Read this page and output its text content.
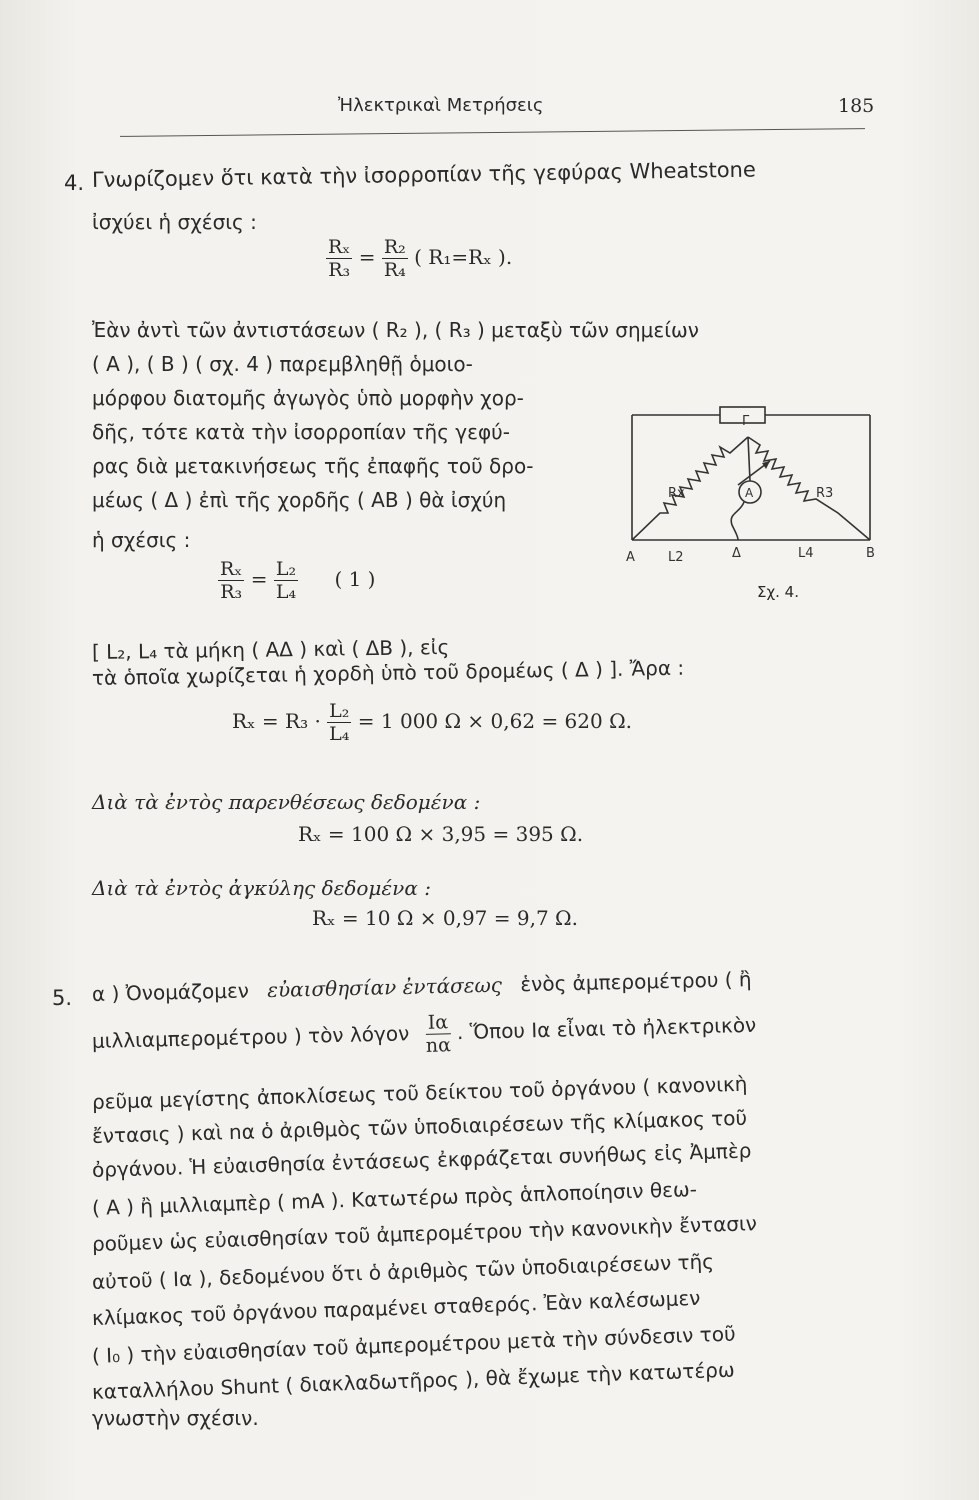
Ἠλεκτρικαὶ Μετρήσεις	185
4. Γνωρίζομεν ὅτι κατὰ τὴν ἰσορροπίαν τῆς γεφύρας Wheatstone
ἰσχύει ἡ σχέσις :
$\frac{\text{Rₓ}}{\text{R₃}} = \frac{\text{R₂}}{\text{R₄}}$ ( R₁=Rₓ ).
Ἐὰν ἀντὶ τῶν ἀντιστάσεων ( R₂ ), ( R₃ ) μεταξὺ τῶν σημείων
( A ), ( B ) ( σχ. 4 ) παρεμβληθῇ ὁμοιο-
μόρφου διατομῆς ἀγωγὸς ὑπὸ μορφὴν χορ-
δῆς, τότε κατὰ τὴν ἰσορροπίαν τῆς γεφύ-
ρας διὰ μετακινήσεως τῆς ἐπαφῆς τοῦ δρο-
μέως ( Δ ) ἐπὶ τῆς χορδῆς ( AB ) θὰ ἰσχύη
ἡ σχέσις :
$\frac{\text{Rₓ}}{\text{R₃}} = \frac{\text{L₂}}{\text{L₄}}$ ( 1 )
[ L₂, L₄ τὰ μήκη ( AΔ ) καὶ ( ΔB ), εἰς
τὰ ὁποῖα χωρίζεται ἡ χορδὴ ὑπὸ τοῦ δρομέως ( Δ ) ]. Ἄρα :
$R_x = R_3 \cdot \frac{\text{L₂}}{\text{L₄}} = 1$ 000 Ω × 0,62 = 620 Ω.
Διὰ τὰ ἐντὸς παρενθέσεως δεδομένα :
Rₓ = 100 Ω × 3,95 = 395 Ω.
Διὰ τὰ ἐντὸς ἀγκύλης δεδομένα :
Rₓ = 10 Ω × 0,97 = 9,7 Ω.
Γ
Rx	R3
A
A	L2	Δ	L4	B
Σχ. 4.
5. α ) Ὀνομάζομεν εὐαισθησίαν ἐντάσεως ἑνὸς ἀμπερομέτρου ( ἢ
μιλλιαμπερομέτρου ) τὸν λόγον $\frac{I\alpha}{n\alpha}$ . Ὅπου Iα εἶναι τὸ ἠλεκτρικὸν
ρεῦμα μεγίστης ἀποκλίσεως τοῦ δείκτου τοῦ ὀργάνου ( κανονικὴ
ἔντασις ) καὶ nα ὁ ἀριθμὸς τῶν ὑποδιαιρέσεων τῆς κλίμακος τοῦ
ὀργάνου. Ἡ εὐαισθησία ἐντάσεως ἐκφράζεται συνήθως εἰς Ἀμπὲρ
( A ) ἢ μιλλιαμπὲρ ( mA ). Κατωτέρω πρὸς ἁπλοποίησιν θεω-
ροῦμεν ὡς εὐαισθησίαν τοῦ ἀμπερομέτρου τὴν κανονικὴν ἔντασιν
αὐτοῦ ( Iα ), δεδομένου ὅτι ὁ ἀριθμὸς τῶν ὑποδιαιρέσεων τῆς
κλίμακος τοῦ ὀργάνου παραμένει σταθερός. Ἐὰν καλέσωμεν
( I₀ ) τὴν εὐαισθησίαν τοῦ ἀμπερομέτρου μετὰ τὴν σύνδεσιν τοῦ
καταλλήλου Shunt ( διακλαδωτῆρος ), θὰ ἔχωμε τὴν κατωτέρω
γνωστὴν σχέσιν.
